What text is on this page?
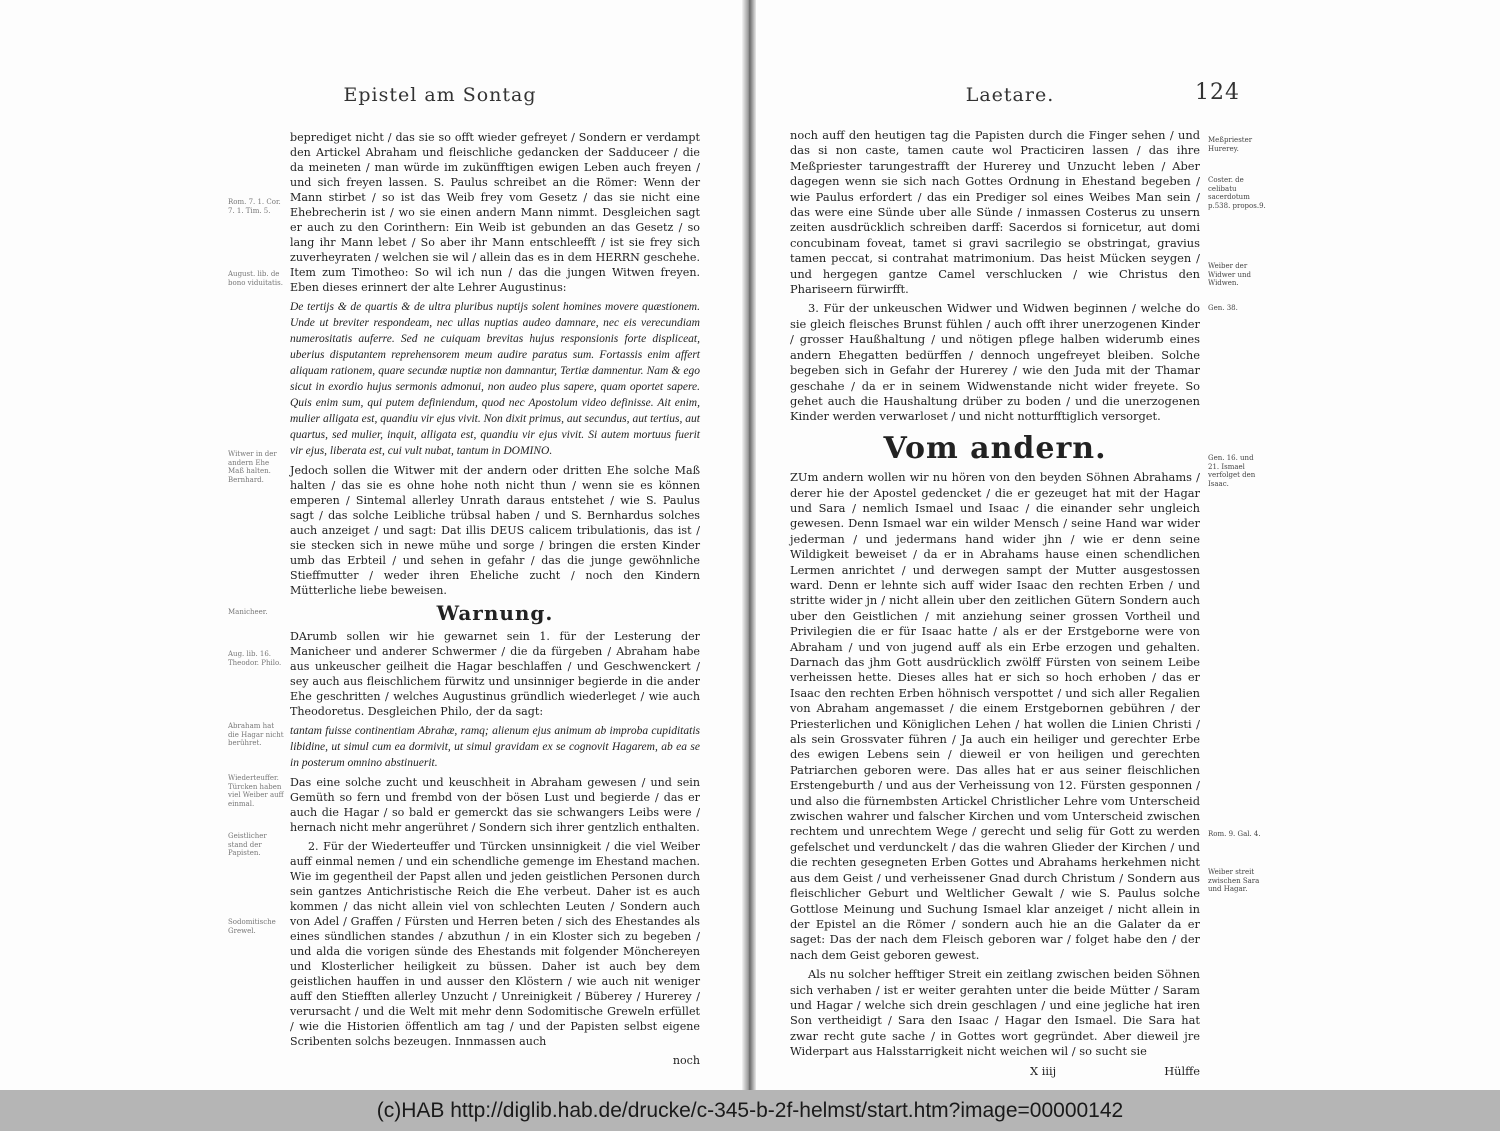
Epistel am Sontag
Rom. 7. 1. Cor. 7. 1. Tim. 5.
August. lib. de bono viduitatis.
Witwer in der andern Ehe Maß halten. Bernhard.
Manicheer.
Aug. lib. 16. Theodor. Philo.
Abraham hat die Hagar nicht berühret.
Wiederteuffer. Türcken haben viel Weiber auff einmal.
Geistlicher stand der Papisten.
Sodomitische Grewel.

beprediget nicht / das sie so offt wieder gefreyet / Sondern er verdampt den Artickel Abraham und fleischliche gedancken der Sadduceer / die da meineten / man würde im zukünfftigen ewigen Leben auch freyen / und sich freyen lassen. S. Paulus schreibet an die Römer: Wenn der Mann stirbet / so ist das Weib frey vom Gesetz / das sie nicht eine Ehebrecherin ist / wo sie einen andern Mann nimmt. Desgleichen sagt er auch zu den Corinthern: Ein Weib ist gebunden an das Gesetz / so lang ihr Mann lebet / So aber ihr Mann entschleefft / ist sie frey sich zuverheyraten / welchen sie wil / allein das es in dem HERRN geschehe. Item zum Timotheo: So wil ich nun / das die jungen Witwen freyen. Eben dieses erinnert der alte Lehrer Augustinus:

De tertijs & de quartis & de ultra pluribus nuptijs solent homines movere quæstionem. Unde ut breviter respondeam, nec ullas nuptias audeo damnare, nec eis verecundiam numerositatis auferre. Sed ne cuiquam brevitas hujus responsionis forte displiceat, uberius disputantem reprehensorem meum audire paratus sum. Fortassis enim affert aliquam rationem, quare secundæ nuptiæ non damnantur, Tertiæ damnentur. Nam & ego sicut in exordio hujus sermonis admonui, non audeo plus sapere, quam oportet sapere. Quis enim sum, qui putem definiendum, quod nec Apostolum video definisse. Ait enim, mulier alligata est, quandiu vir ejus vivit. Non dixit primus, aut secundus, aut tertius, aut quartus, sed mulier, inquit, alligata est, quandiu vir ejus vivit. Si autem mortuus fuerit vir ejus, liberata est, cui vult nubat, tantum in DOMINO.

Jedoch sollen die Witwer mit der andern oder dritten Ehe solche Maß halten / das sie es ohne hohe noth nicht thun / wenn sie es können emperen / Sintemal allerley Unrath daraus entstehet / wie S. Paulus sagt / das solche Leibliche trübsal haben / und S. Bernhardus solches auch anzeiget / und sagt: Dat illis DEUS calicem tribulationis, das ist / sie stecken sich in newe mühe und sorge / bringen die ersten Kinder umb das Erbteil / und sehen in gefahr / das die junge gewöhnliche Stieffmutter / weder ihren Eheliche zucht / noch den Kindern Mütterliche liebe beweisen.

Warnung.

DArumb sollen wir hie gewarnet sein 1. für der Lesterung der Manicheer und anderer Schwermer / die da fürgeben / Abraham habe aus unkeuscher geilheit die Hagar beschlaffen / und Geschwenckert / sey auch aus fleischlichem fürwitz und unsinniger begierde in die ander Ehe geschritten / welches Augustinus gründlich wiederleget / wie auch Theodoretus. Desgleichen Philo, der da sagt:

tantam fuisse continentiam Abrahæ, ramq; alienum ejus animum ab improba cupiditatis libidine, ut simul cum ea dormivit, ut simul gravidam ex se cognovit Hagarem, ab ea se in posterum omnino abstinuerit.

Das eine solche zucht und keuschheit in Abraham gewesen / und sein Gemüth so fern und frembd von der bösen Lust und begierde / das er auch die Hagar / so bald er gemerckt das sie schwangers Leibs were / hernach nicht mehr angerühret / Sondern sich ihrer gentzlich enthalten.

2. Für der Wiederteuffer und Türcken unsinnigkeit / die viel Weiber auff einmal nemen / und ein schendliche gemenge im Ehestand machen. Wie im gegentheil der Papst allen und jeden geistlichen Personen durch sein gantzes Antichristische Reich die Ehe verbeut. Daher ist es auch kommen / das nicht allein viel von schlechten Leuten / Sondern auch von Adel / Graffen / Fürsten und Herren beten / sich des Ehestandes als eines sündlichen standes / abzuthun / in ein Kloster sich zu begeben / und alda die vorigen sünde des Ehestands mit folgender Mönchereyen und Klosterlicher heiligkeit zu büssen. Daher ist auch bey dem geistlichen hauffen in und ausser den Klöstern / wie auch nit weniger auff den Stiefften allerley Unzucht / Unreinigkeit / Büberey / Hurerey / verursacht / und die Welt mit mehr denn Sodomitische Greweln erfüllet / wie die Historien öffentlich am tag / und der Papisten selbst eigene Scribenten solchs bezeugen. Innmassen auch

noch
Laetare.	124

noch auff den heutigen tag die Papisten durch die Finger sehen / und das si non caste, tamen caute wol Practiciren lassen / das ihre Meßpriester tarungestrafft der Hurerey und Unzucht leben / Aber dagegen wenn sie sich nach Gottes Ordnung in Ehestand begeben / wie Paulus erfordert / das ein Prediger sol eines Weibes Man sein / das were eine Sünde uber alle Sünde / inmassen Costerus zu unsern zeiten ausdrücklich schreiben darff: Sacerdos si fornicetur, aut domi concubinam foveat, tamet si gravi sacrilegio se obstringat, gravius tamen peccat, si contrahat matrimonium. Das heist Mücken seygen / und hergegen gantze Camel verschlucken / wie Christus den Phariseern fürwirfft.

3. Für der unkeuschen Widwer und Widwen beginnen / welche do sie gleich fleisches Brunst fühlen / auch offt ihrer unerzogenen Kinder / grosser Haußhaltung / und nötigen pflege halben widerumb eines andern Ehegatten bedürffen / dennoch ungefreyet bleiben. Solche begeben sich in Gefahr der Hurerey / wie den Juda mit der Thamar geschahe / da er in seinem Widwenstande nicht wider freyete. So gehet auch die Haushaltung drüber zu boden / und die unerzogenen Kinder werden verwarloset / und nicht notturfftiglich versorget.

Vom andern.

ZUm andern wollen wir nu hören von den beyden Söhnen Abrahams / derer hie der Apostel gedencket / die er gezeuget hat mit der Hagar und Sara / nemlich Ismael und Isaac / die einander sehr ungleich gewesen. Denn Ismael war ein wilder Mensch / seine Hand war wider jederman / und jedermans hand wider jhn / wie er denn seine Wildigkeit beweiset / da er in Abrahams hause einen schendlichen Lermen anrichtet / und derwegen sampt der Mutter ausgestossen ward. Denn er lehnte sich auff wider Isaac den rechten Erben / und stritte wider jn / nicht allein uber den zeitlichen Gütern Sondern auch uber den Geistlichen / mit anziehung seiner grossen Vortheil und Privilegien die er für Isaac hatte / als er der Erstgeborne were von Abraham / und von jugend auff als ein Erbe erzogen und gehalten. Darnach das jhm Gott ausdrücklich zwölff Fürsten von seinem Leibe verheissen hette. Dieses alles hat er sich so hoch erhoben / das er Isaac den rechten Erben höhnisch verspottet / und sich aller Regalien von Abraham angemasset / die einem Erstgebornen gebühren / der Priesterlichen und Königlichen Lehen / hat wollen die Linien Christi / als sein Grossvater führen / Ja auch ein heiliger und gerechter Erbe des ewigen Lebens sein / dieweil er von heiligen und gerechten Patriarchen geboren were. Das alles hat er aus seiner fleischlichen Erstengeburth / und aus der Verheissung von 12. Fürsten gesponnen / und also die fürnembsten Artickel Christlicher Lehre vom Unterscheid zwischen wahrer und falscher Kirchen und vom Unterscheid zwischen rechtem und unrechtem Wege / gerecht und selig für Gott zu werden gefelschet und verdunckelt / das die wahren Glieder der Kirchen / und die rechten gesegneten Erben Gottes und Abrahams herkehmen nicht aus dem Geist / und verheissener Gnad durch Christum / Sondern aus fleischlicher Geburt und Weltlicher Gewalt / wie S. Paulus solche Gottlose Meinung und Suchung Ismael klar anzeiget / nicht allein in der Epistel an die Römer / sondern auch hie an die Galater da er saget: Das der nach dem Fleisch geboren war / folget habe den / der nach dem Geist geboren gewest.

Als nu solcher hefftiger Streit ein zeitlang zwischen beiden Söhnen sich verhaben / ist er weiter gerahten unter die beide Mütter / Saram und Hagar / welche sich drein geschlagen / und eine jegliche hat iren Son vertheidigt / Sara den Isaac / Hagar den Ismael. Die Sara hat zwar recht gute sache / in Gottes wort gegründet. Aber dieweil jre Widerpart aus Halsstarrigkeit nicht weichen wil / so sucht sie

X iiij	Hülffe
Meßpriester Hurerey.
Coster. de celibatu sacerdotum p.538. propos.9.
Weiber der Widwer und Widwen.
Gen. 38.
Gen. 16. und 21. Ismael verfolget den Isaac.
Rom. 9. Gal. 4.
Weiber streit zwischen Sara und Hagar.
(c)HAB http://diglib.hab.de/drucke/c-345-b-2f-helmst/start.htm?image=00000142
